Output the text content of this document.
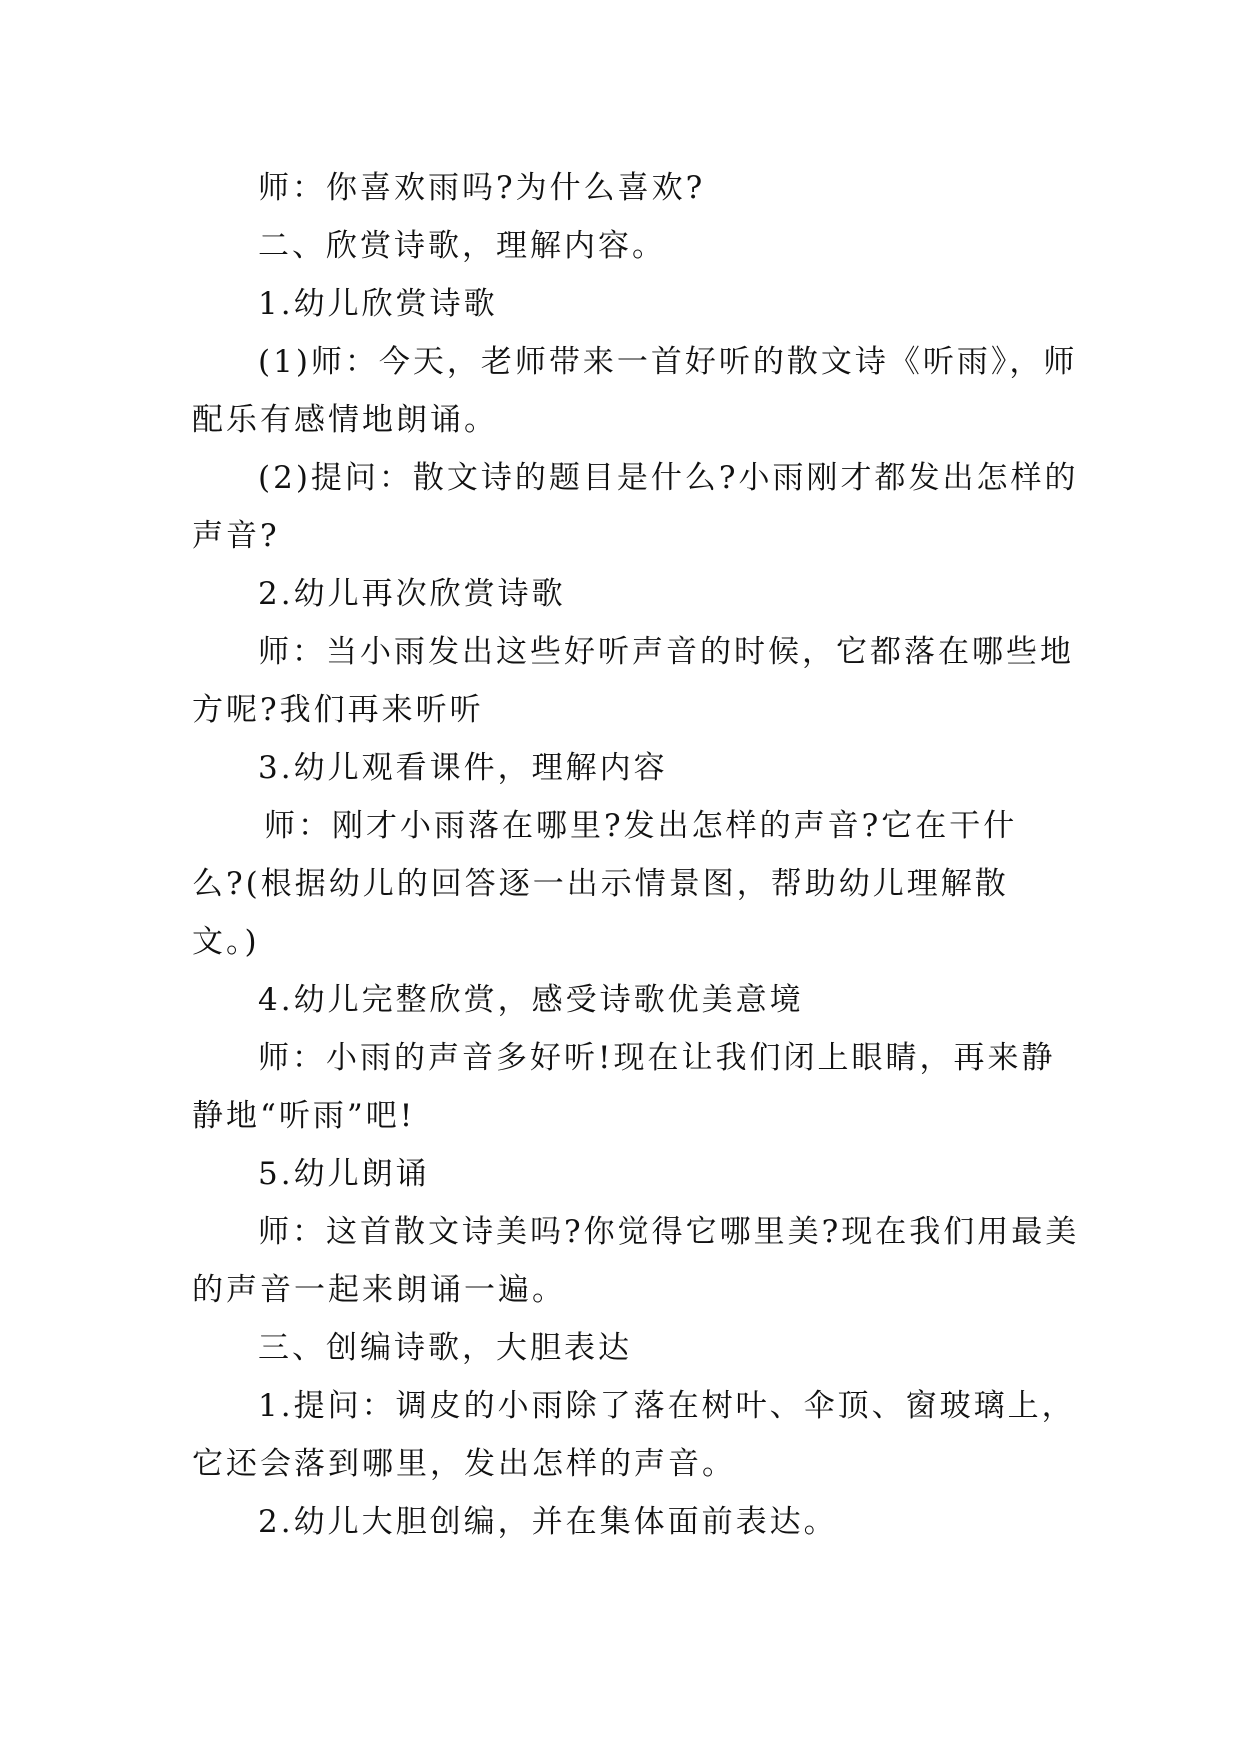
师：你喜欢雨吗?为什么喜欢?
二、欣赏诗歌，理解内容。
1.幼儿欣赏诗歌
(1)师：今天，老师带来一首好听的散文诗《听雨》，师
配乐有感情地朗诵。
(2)提问：散文诗的题目是什么?小雨刚才都发出怎样的
声音?
2.幼儿再次欣赏诗歌
师：当小雨发出这些好听声音的时候，它都落在哪些地
方呢?我们再来听听
3.幼儿观看课件，理解内容
师：刚才小雨落在哪里?发出怎样的声音?它在干什
么?(根据幼儿的回答逐一出示情景图，帮助幼儿理解散
文。)
4.幼儿完整欣赏，感受诗歌优美意境
师：小雨的声音多好听!现在让我们闭上眼睛，再来静
静地“听雨”吧!
5.幼儿朗诵
师：这首散文诗美吗?你觉得它哪里美?现在我们用最美
的声音一起来朗诵一遍。
三、创编诗歌，大胆表达
1.提问：调皮的小雨除了落在树叶、伞顶、窗玻璃上，
它还会落到哪里，发出怎样的声音。
2.幼儿大胆创编，并在集体面前表达。
